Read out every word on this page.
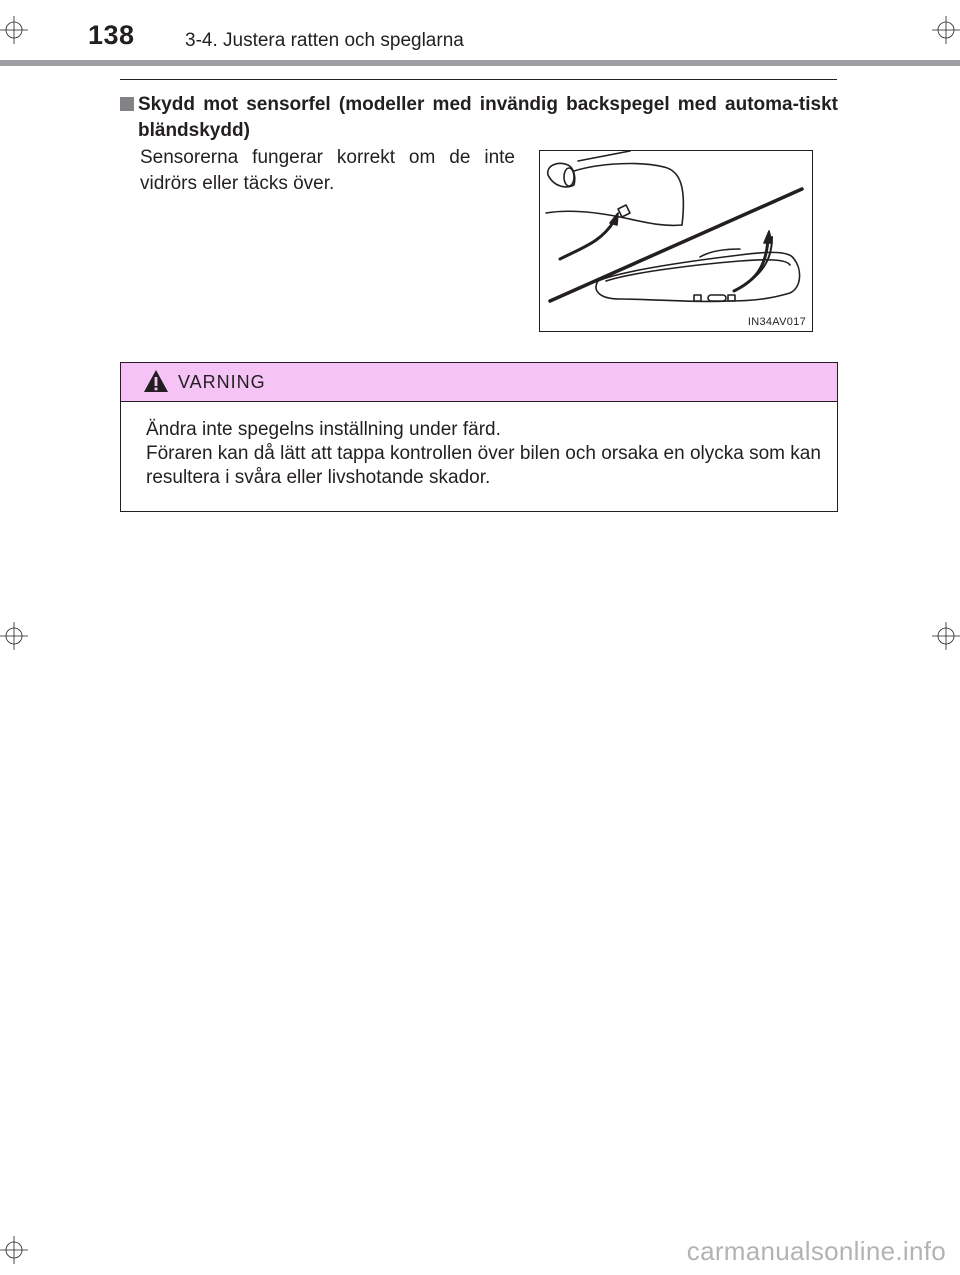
138	3-4. Justera ratten och speglarna
Skydd mot sensorfel (modeller med invändig backspegel med automa-tiskt bländskydd)
Sensorerna fungerar korrekt om de inte vidrörs eller täcks över.
IN34AV017
VARNING
Ändra inte spegelns inställning under färd.
Föraren kan då lätt att tappa kontrollen över bilen och orsaka en olycka som kan resultera i svåra eller livshotande skador.
carmanualsonline.info
